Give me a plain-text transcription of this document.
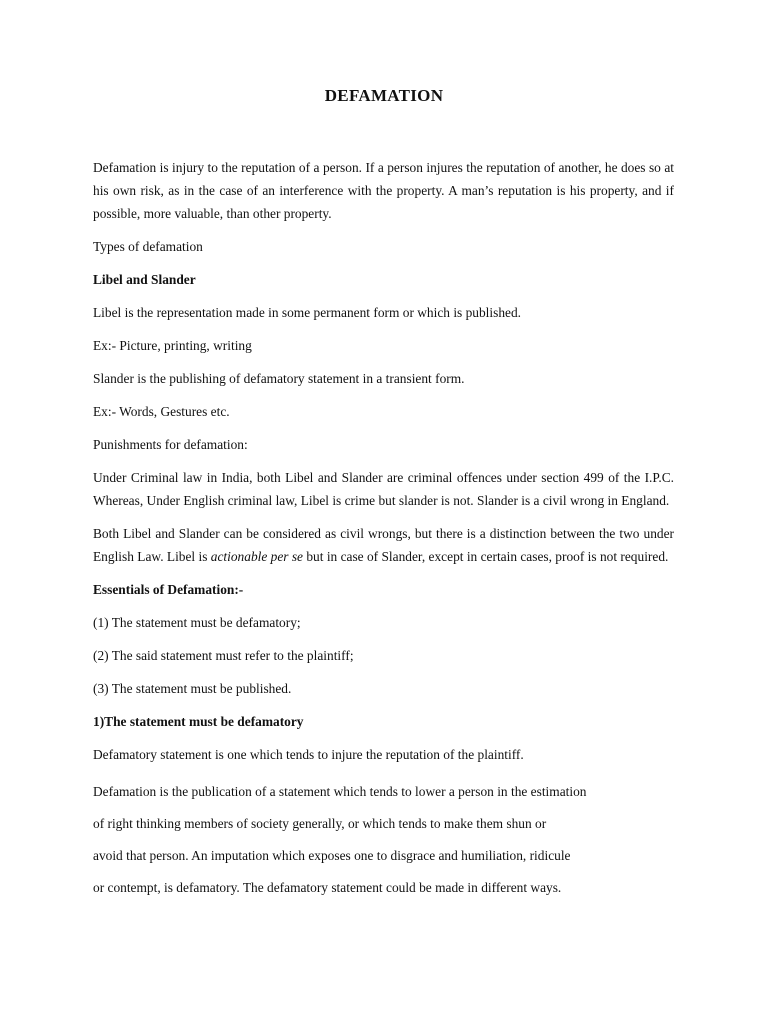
DEFAMATION

Defamation is injury to the reputation of a person. If a person injures the reputation of another, he does so at his own risk, as in the case of an interference with the property. A man’s reputation is his property, and if possible, more valuable, than other property.

Types of defamation

Libel and Slander

Libel is the representation made in some permanent form or which is published.

Ex:- Picture, printing, writing

Slander is the publishing of defamatory statement in a transient form.

Ex:- Words, Gestures etc.

Punishments for defamation:

Under Criminal law in India, both Libel and Slander are criminal offences under section 499 of the I.P.C. Whereas, Under English criminal law, Libel is crime but slander is not. Slander is a civil wrong in England.

Both Libel and Slander can be considered as civil wrongs, but there is a distinction between the two under English Law. Libel is actionable per se but in case of Slander, except in certain cases, proof is not required.

Essentials of Defamation:-

(1) The statement must be defamatory;

(2) The said statement must refer to the plaintiff;

(3) The statement must be published.

1)The statement must be defamatory

Defamatory statement is one which tends to injure the reputation of the plaintiff.

Defamation is the publication of a statement which tends to lower a person in the estimation

of right thinking members of society generally, or which tends to make them shun or

avoid that person. An imputation which exposes one to disgrace and humiliation, ridicule

or contempt, is defamatory. The defamatory statement could be made in different ways.
